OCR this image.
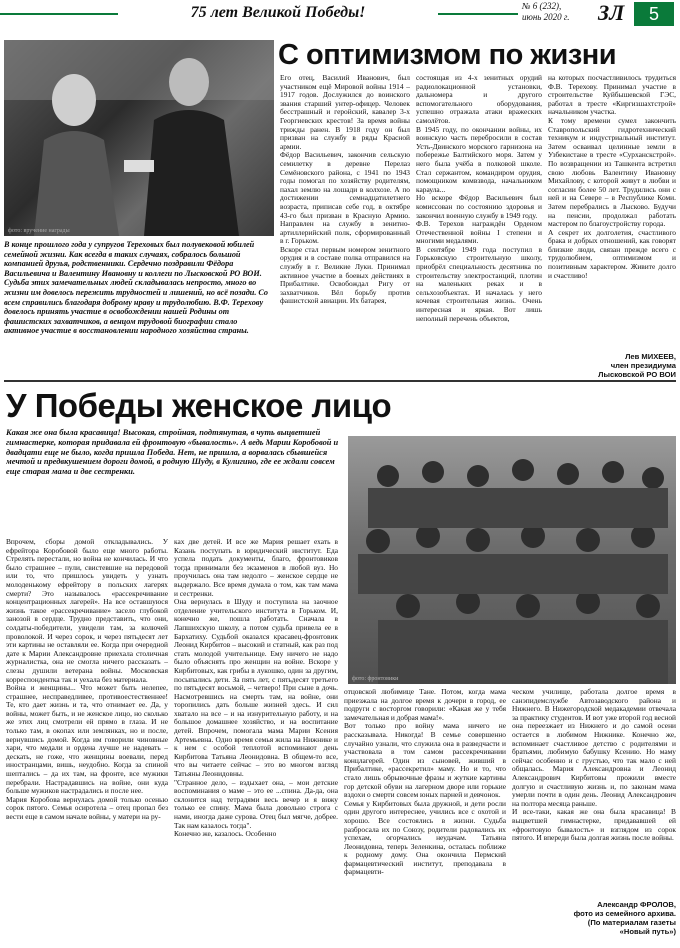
75 лет Великой Победы!	№ 6 (232),
июнь 2020 г.	ЗЛ	5
фото: вручение награды
В конце прошлого года у супругов Тереховых был полувековой юбилей семейной жизни. Как всегда в таких случаях, собралось большой компанией друзья, родственники. Сердечно поздравили Фёдора Васильевича и Валентину Ивановну и коллеги по Лысковской РО ВОИ.
Судьба этих замечательных людей складывалась непросто, много во жизни им довелось пережить трудностей и лишений, но всё позади. Со всем справились благодаря доброму нраву и трудолюбию. В.Ф. Терехову довелось принять участие в освобождении нашей Родины от фашистских захватчиков, а венцом трудовой биографии стало активное участие в восстановлении народного хозяйства страны.
С оптимизмом по жизни
Его отец, Василий Иванович, был участником ещё Мировой войны 1914 – 1917 годов. Дослужился до воинского звания старший унтер-офицер. Человек бесстрашный и геройский, кавалер 3-х Георгиевских крестов! За время войны трижды ранен. В 1918 году он был призван на службу в ряды Красной армии.
Фёдор Васильевич, закончив сельскую семилетку в деревне Перелаз Семёновского района, с 1941 по 1943 годы помогал по хозяйству родителям, пахал землю на лошади в колхозе. А по достижении семнадцатилетнего возраста, приписав себе год, в октябре 43-го был призван в Красную Армию. Направлен на службу в зенитно-артиллерийский полк, сформированный в г. Горьком.
Вскоре стал первым номером зенитного орудия и в составе полка отправился на службу в г. Великие Луки. Принимал активное участие в боевых действиях в Прибалтике. Освобождал Ригу от захватчиков. Вёл борьбу против фашистской авиации. Их батарея,
состоящая из 4-х зенитных орудий радиолокационной установки, дальномера и другого вспомогательного оборудования, успешно отражала атаки вражеских самолётов.
В 1945 году, по окончании войны, их воинскую часть перебросили в состав Усть-Двинского морского гарнизона на побережье Балтийского моря. Затем у него была учёба в полковой школе. Стал сержантом, командиром орудия, помощником комвзвода, начальником караула...
Но вскоре Фёдор Васильевич был комиссован по состоянию здоровья и закончил военную службу в 1949 году.
Ф.В. Терехов награждён Орденом Отечественной войны I степени и многими медалями.
В сентябре 1949 года поступил в Горьковскую строительную школу, приобрёл специальность десятника по строительству электростанций, плотин на маленьких реках и в сельхозобъектах. И началась у него кочевая строительная жизнь. Очень интересная и яркая. Вот лишь неполный перечень объектов,
на которых посчастливилось трудиться Ф.В. Терехову. Принимал участие в строительстве Куйбышевской ГЭС, работал в тресте «Киргизшахтстрой» начальником участка.
К тому времени сумел закончить Ставропольский гидротехнический техникум и индустриальный институт. Затем осваивал целинные земли в Узбекистане в тресте «Сурханскстрой». По возвращении из Ташкента встретил свою любовь Валентину Ивановну Михайлову, с которой живут в любви и согласии более 50 лет. Трудились они с ней и на Севере – в Республике Коми. Затем перебрались в Лысково. Будучи на пенсии, продолжал работать мастером по благоустройству города.
А секрет их долголетия, счастливого брака и добрых отношений, как говорят близкие люди, связан прежде всего с трудолюбием, оптимизмом и позитивным характером. Живите долго и счастливо!
Лев МИХЕЕВ,
член президиума
Лысковской РО ВОИ
У Победы женское лицо
Какая же она была красавица! Высокая, стройная, подтянутая, в чуть выцветшей гимнастерке, которая придавала ей фронтовую «бывалость». А ведь Марии Коробовой и двадцати еще не было, когда пришла Победа. Нет, не пришла, а ворвалась сбывшейся мечтой и предвкушением дороги домой, в родную Шуду, в Кулигино, где ее ждали совсем еще старая мама и две сестренки.
фото: фронтовики
Впрочем, сборы домой откладывались. У ефрейтора Коробовой было еще много работы. Стрелять перестали, но война не кончилась. И что было страшнее – пули, свистевшие на передовой или то, что пришлось увидеть у узнать молоденькому ефрейтору в польских лагерях смерти? Это называлось «рассекречивание концентрационных лагерей». На все оставшуюся жизнь такое «рассекречивание» засело глубокой занозой в сердце. Трудно представить, что они, солдаты-победители, увидели там, за колючей проволокой. И через сорок, и через пятьдесят лет эти картины не оставляли ее. Когда при очередной дате к Марии Александровне приехала столичная журналистка, она не смогла ничего рассказать – слезы душили ветерана войны. Московская корреспондентка так и уехала без материала.
Война и женщины... Что может быть нелепее, страшнее, несправедливее, противоестественнее! Те, кто дает жизнь и та, что отнимает ее. Да, у войны, может быть, и не женское лицо, но сколько же этих лиц смотрели ей прямо в глаза. И не только там, в окопах или землянках, но и после, вернувшись домой. Когда им говорили чиновные хари, что медали и ордена лучше не надевать – дескать, не гоже, что женщины воевали, перед иностранцами, вишь, неудобно. Когда за спиной шептались – да их там, на фронте, все мужики перебрали. Настрадавшись на войне, они куда больше мужиков настрадались и после нее.
Мария Коробова вернулась домой только осенью сорок пятого. Семья осиротела – отец пропал без вести еще в самом начале войны, у матери на ру-
ках две детей. И все же Мария решает ехать в Казань поступать в юридический институт. Еда успела подать документы, благо, фронтовиков тогда принимали без экзаменов в любой вуз. Но проучилась она там недолго – женское сердце не выдержало. Все время думала о том, как там мама и сестренки.
Она вернулась в Шуду и поступила на заочное отделение учительского института в Горьком. И, конечно же, пошла работать. Сначала в Лапшихскую школу, а потом судьба привела ее в Бархатиху. Судьбой оказался красавец-фронтовик Леонид Кирбитов – высокий и статный, как раз под стать молодой учительнице. Ему ничего не надо было объяснять про женщин на войне. Вскоре у Кирбитовых, как грибы в лукошко, один за другим, посыпались дети. За пять лет, с пятьдесят третьего по пятьдесят восьмой, – четверо! При сыне в дочь. Насмотревшись на смерть там, на войне, они торопились дать больше жизней здесь. И сил хватало на все – и на изнурительную работу, и на большое домашнее хозяйство, и на воспитание детей. Впрочем, помогала мама Марии Ксения Артемьевна. Одно время семья жила на Нижнике и к нем с особой теплотой вспоминают день Кирбитова Татьяна Леонидовна. В общем-то все, что вы читаете сейчас – это во многом взгляд Татьяны Леонидовны.
"Странное дело, – вздыхает она, – мои детские воспоминания о маме – это ее ...спина. Да-да, она склонится над тетрадями весь вечер и я вижу только ее спину. Мама была довольно строга с нами, иногда даже сурова. Отец был мягче, добрее. Так нам казалось тогда".
Конечно же, казалось. Особенно
отцовской любимице Тане. Потом, когда мама приезжала на долгое время к дочери в город, ее подруги с восторгом говорили: «Какая же у тебя замечательная и добрая мама!».
Вот только про войну мама ничего не рассказывала. Никогда! В семье совершенно случайно узнали, что служила она в разведчасти и участвовала в том самом рассекречивании концлагерей. Один из сыновей, живший в Прибалтике, «рассекретил» маму. Но и то, что стало лишь обрывочные фразы и жуткие картины гор детской обуви на лагерном дворе или горькие вздохи о смерти совсем юных парней и девчонок.
Семья у Кирбитовых была дружной, и дети росли один другого интереснее, учились все с охотой и хорошо. Все состоялись в жизни. Судьба разбросала их по Союзу, родители радовались их успехам, огорчались неудачам. Татьяна Леонидовна, теперь Зеленкина, осталась поближе к родному дому. Она окончила Пермский фармацевтический институт, преподавала в фармацевти-
ческом училище, работала долгое время в санэпидемслужбе Автозаводского района и Нижнего. В Нижегородской медакадемии отвечала за практику студентов. И вот уже второй год весной она переезжает из Нижнего и до самой осени остается в любимом Нижнике. Конечно же, вспоминает счастливое детство с родителями и братьями, любимую бабушку Ксению. Но маму сейчас особенно и с грустью, что так мало с ней общалась. Мария Александровна и Леонид Александрович Кирбитовы прожили вместе долгую и счастливую жизнь и, по законам мама умерли почти в один день. Леонид Александрович на полтора месяца раньше.
И все-таки, какая же она была красавица! В выцветшей гимнастерке, придававшей ей «фронтовую бывалость» и взглядом из сорок пятого. И впереди была долгая жизнь после войны.
Александр ФРОЛОВ,
фото из семейного архива.
(По материалам газеты
«Новый путь»)
